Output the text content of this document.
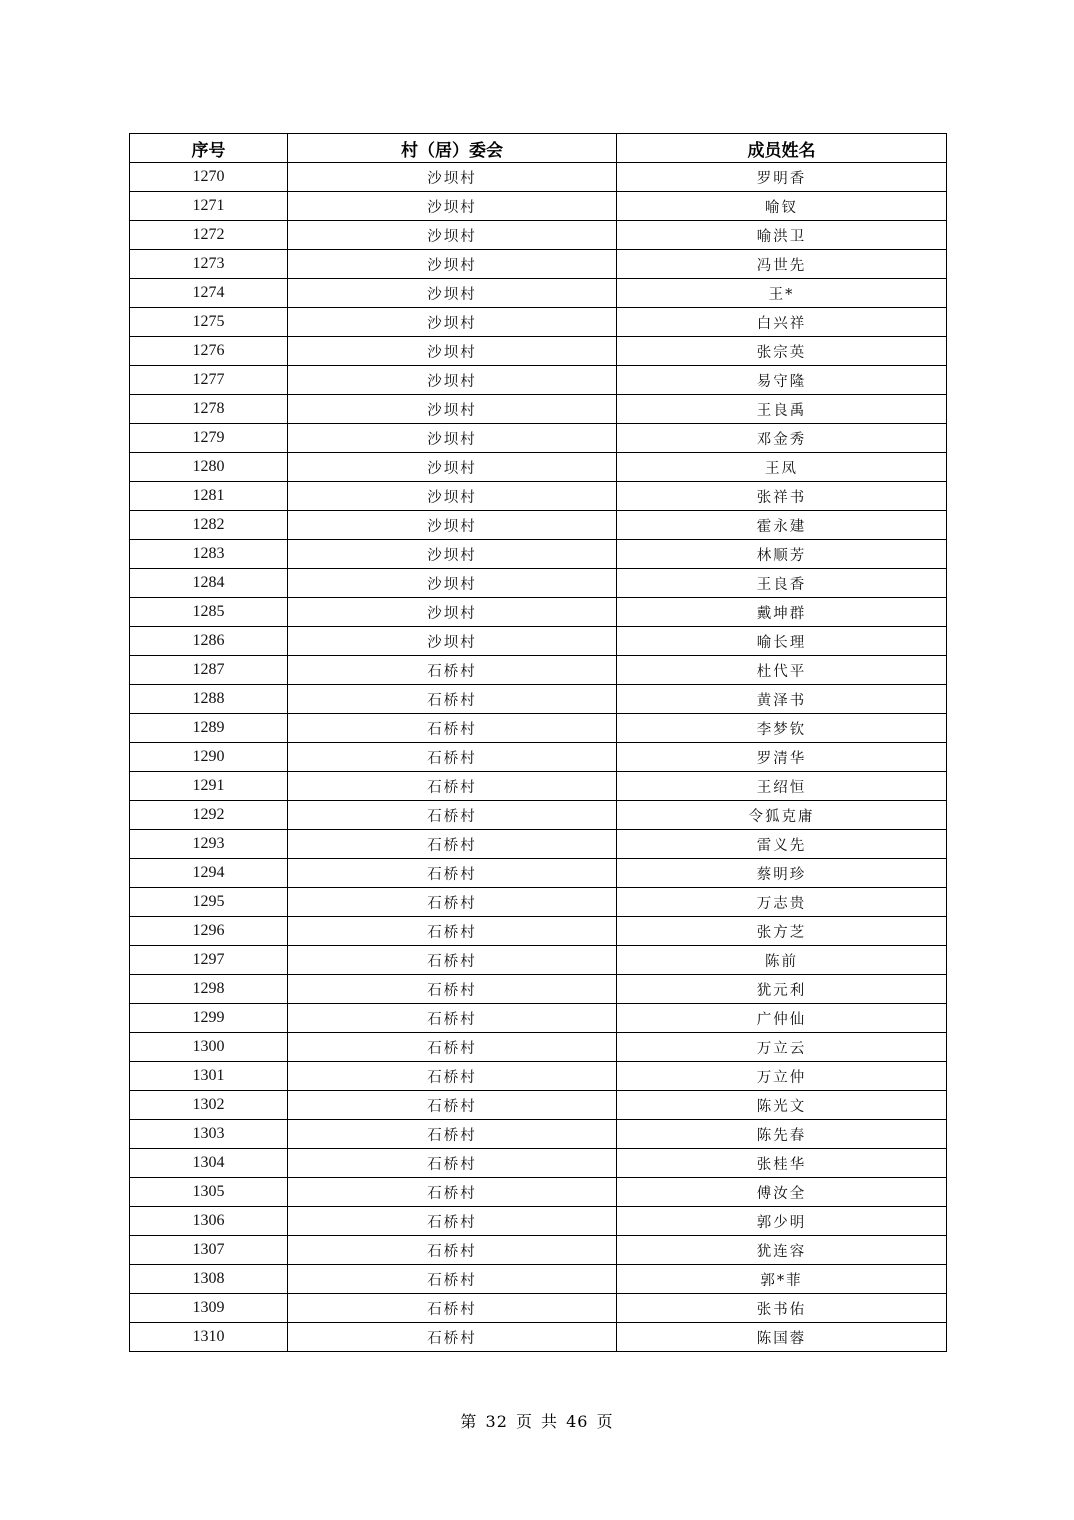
序号	村（居）委会	成员姓名
1270	沙坝村	罗明香
1271	沙坝村	喻钗
1272	沙坝村	喻洪卫
1273	沙坝村	冯世先
1274	沙坝村	王*
1275	沙坝村	白兴祥
1276	沙坝村	张宗英
1277	沙坝村	易守隆
1278	沙坝村	王良禹
1279	沙坝村	邓金秀
1280	沙坝村	王凤
1281	沙坝村	张祥书
1282	沙坝村	霍永建
1283	沙坝村	林顺芳
1284	沙坝村	王良香
1285	沙坝村	戴坤群
1286	沙坝村	喻长理
1287	石桥村	杜代平
1288	石桥村	黄泽书
1289	石桥村	李梦钦
1290	石桥村	罗清华
1291	石桥村	王绍恒
1292	石桥村	令狐克庸
1293	石桥村	雷义先
1294	石桥村	蔡明珍
1295	石桥村	万志贵
1296	石桥村	张方芝
1297	石桥村	陈前
1298	石桥村	犹元利
1299	石桥村	广仲仙
1300	石桥村	万立云
1301	石桥村	万立仲
1302	石桥村	陈光文
1303	石桥村	陈先春
1304	石桥村	张桂华
1305	石桥村	傅汝全
1306	石桥村	郭少明
1307	石桥村	犹连容
1308	石桥村	郭*菲
1309	石桥村	张书佑
1310	石桥村	陈国蓉
第 32 页 共 46 页
